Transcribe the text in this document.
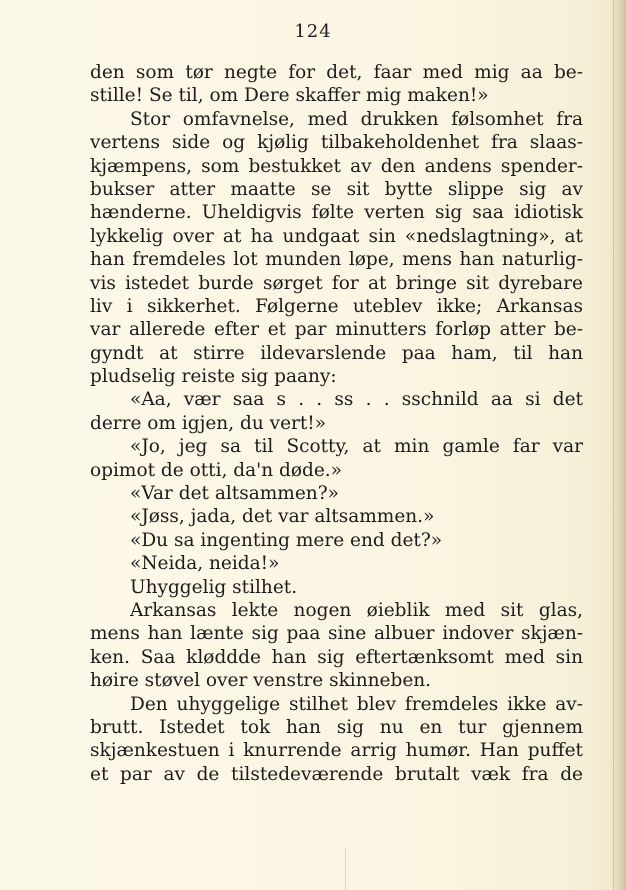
124
den som tør negte for det, faar med mig aa be-
stille! Se til, om Dere skaffer mig maken!»
Stor omfavnelse, med drukken følsomhet fra
vertens side og kjølig tilbakeholdenhet fra slaas-
kjæmpens, som bestukket av den andens spender-
bukser atter maatte se sit bytte slippe sig av
hænderne. Uheldigvis følte verten sig saa idiotisk
lykkelig over at ha undgaat sin «nedslagtning», at
han fremdeles lot munden løpe, mens han naturlig-
vis istedet burde sørget for at bringe sit dyrebare
liv i sikkerhet. Følgerne uteblev ikke; Arkansas
var allerede efter et par minutters forløp atter be-
gyndt at stirre ildevarslende paa ham, til han
pludselig reiste sig paany:
«Aa, vær saa s . . ss . . sschnild aa si det
derre om igjen, du vert!»
«Jo, jeg sa til Scotty, at min gamle far var
opimot de otti, da'n døde.»
«Var det altsammen?»
«Jøss, jada, det var altsammen.»
«Du sa ingenting mere end det?»
«Neida, neida!»
Uhyggelig stilhet.
Arkansas lekte nogen øieblik med sit glas,
mens han lænte sig paa sine albuer indover skjæn-
ken. Saa kløddde han sig eftertænksomt med sin
høire støvel over venstre skinneben.
Den uhyggelige stilhet blev fremdeles ikke av-
brutt. Istedet tok han sig nu en tur gjennem
skjænkestuen i knurrende arrig humør. Han puffet
et par av de tilstedeværende brutalt væk fra de
